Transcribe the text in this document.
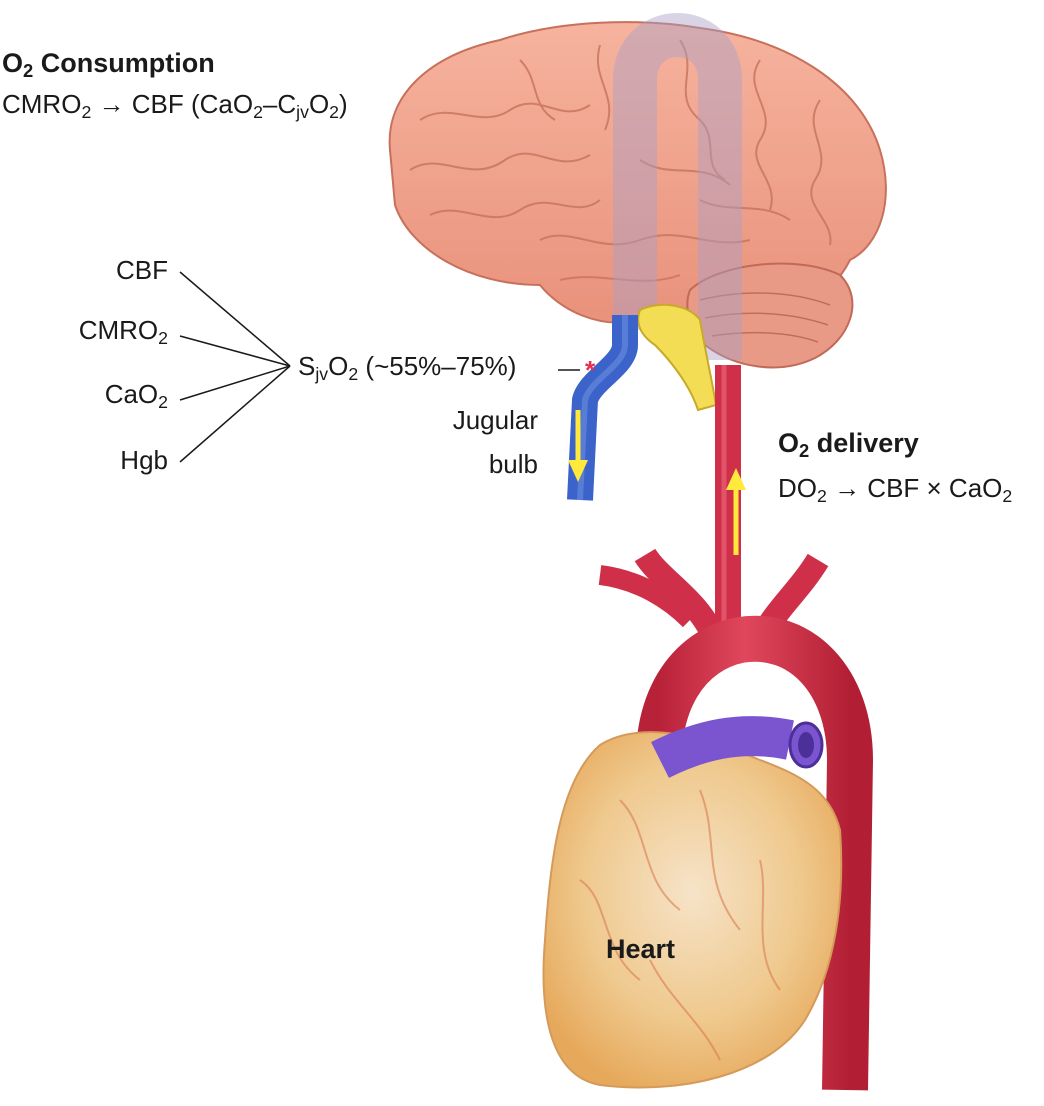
$O_2$ Consumption
$CMRO_2$ → CBF $(CaO_2-C_{jv}O_2)$
CBF
$CMRO_2$
CaO$_2$
Hgb
$S_{jv}O_2$ (~55%–75%)	*
Jugular
bulb
$O_2$ delivery
$DO_2$ → CBF × CaO$_2$
Heart
